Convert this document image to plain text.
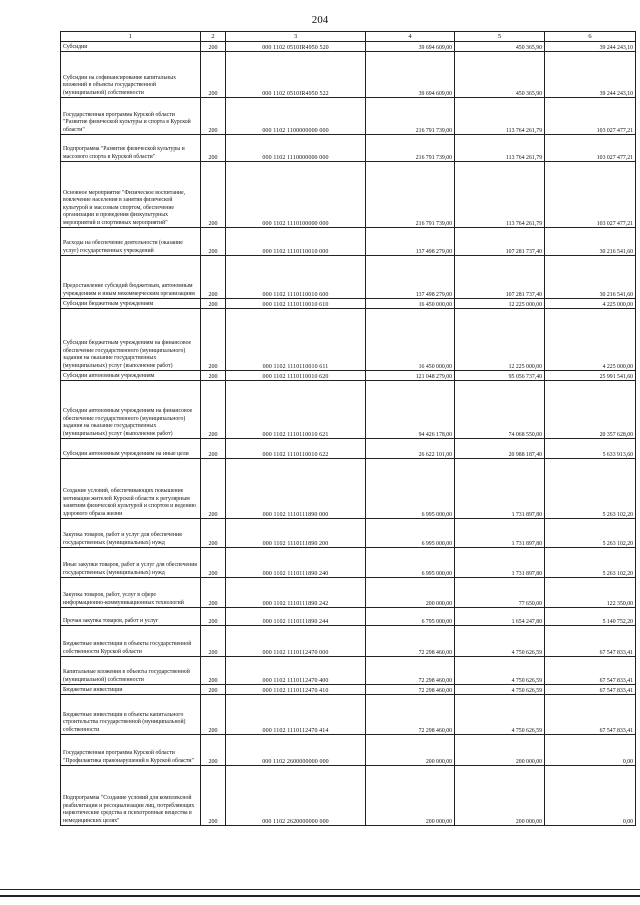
204
1	2	3	4	5	6
Субсидии	200	000 1102 0510IR4950 520	39 694 609,00	450 365,90	39 244 243,10
Субсидии на софинансирование капитальных вложений в объекты государственной (муниципальной) собственности	200	000 1102 0510IR4950 522	39 694 609,00	450 365,90	39 244 243,10
Государственная программа Курской области "Развитие физической культуры и спорта в Курской области"	200	000 1102 1100000000 000	216 791 739,00	113 764 261,79	103 027 477,21
Подпрограмма "Развитие физической культуры и массового спорта в Курской области"	200	000 1102 1110000000 000	216 791 739,00	113 764 261,79	103 027 477,21
Основное мероприятие "Физическое воспитание, вовлечение населения в занятия физической культурой и массовым спортом, обеспечение организации и проведения физкультурных мероприятий и спортивных мероприятий"	200	000 1102 1110100000 000	216 791 739,00	113 764 261,79	103 027 477,21
Расходы на обеспечение деятельности (оказание услуг) государственных учреждений	200	000 1102 1110110010 000	137 498 279,00	107 281 737,40	30 216 541,60
Предоставление субсидий бюджетным, автономным учреждениям и иным некоммерческим организациям	200	000 1102 1110110010 600	137 498 279,00	107 281 737,40	30 216 541,60
Субсидии бюджетным учреждениям	200	000 1102 1110110010 610	16 450 000,00	12 225 000,00	4 225 000,00
Субсидии бюджетным учреждениям на финансовое обеспечение государственного (муниципального) задания на оказание государственных (муниципальных) услуг (выполнение работ)	200	000 1102 1110110010 611	16 450 000,00	12 225 000,00	4 225 000,00
Субсидии автономным учреждениям	200	000 1102 1110110010 620	121 048 279,00	95 056 737,40	25 991 541,60
Субсидии автономным учреждениям на финансовое обеспечение государственного (муниципального) задания на оказание государственных (муниципальных) услуг (выполнение работ)	200	000 1102 1110110010 621	94 426 178,00	74 068 550,00	20 357 628,00
Субсидии автономным учреждениям на иные цели	200	000 1102 1110110010 622	26 622 101,00	20 988 187,40	5 633 913,60
Создание условий, обеспечивающих повышение мотивации жителей Курской области к регулярным занятиям физической культурой и спортом и ведению здорового образа жизни	200	000 1102 1110111890 000	6 995 000,00	1 731 897,80	5 263 102,20
Закупка товаров, работ и услуг для обеспечения государственных (муниципальных) нужд	200	000 1102 1110111890 200	6 995 000,00	1 731 897,80	5 263 102,20
Иные закупки товаров, работ и услуг для обеспечения государственных (муниципальных) нужд	200	000 1102 1110111890 240	6 995 000,00	1 731 897,80	5 263 102,20
Закупка товаров, работ, услуг в сфере информационно-коммуникационных технологий	200	000 1102 1110111890 242	200 000,00	77 650,00	122 350,00
Прочая закупка товаров, работ и услуг	200	000 1102 1110111890 244	6 795 000,00	1 654 247,80	5 140 752,20
Бюджетные инвестиции в объекты государственной собственности Курской области	200	000 1102 1110112470 000	72 298 460,00	4 750 626,59	67 547 833,41
Капитальные вложения в объекты государственной (муниципальной) собственности	200	000 1102 1110112470 400	72 298 460,00	4 750 626,59	67 547 833,41
Бюджетные инвестиции	200	000 1102 1110112470 410	72 298 460,00	4 750 626,59	67 547 833,41
Бюджетные инвестиции в объекты капитального строительства государственной (муниципальной) собственности	200	000 1102 1110112470 414	72 298 460,00	4 750 626,59	67 547 833,41
Государственная программа Курской области "Профилактика правонарушений в Курской области"	200	000 1102 2600000000 000	200 000,00	200 000,00	0,00
Подпрограмма "Создание условий для комплексной реабилитации и ресоциализации лиц, потребляющих наркотические средства и психотропные вещества в немедицинских целях"	200	000 1102 2620000000 000	200 000,00	200 000,00	0,00
